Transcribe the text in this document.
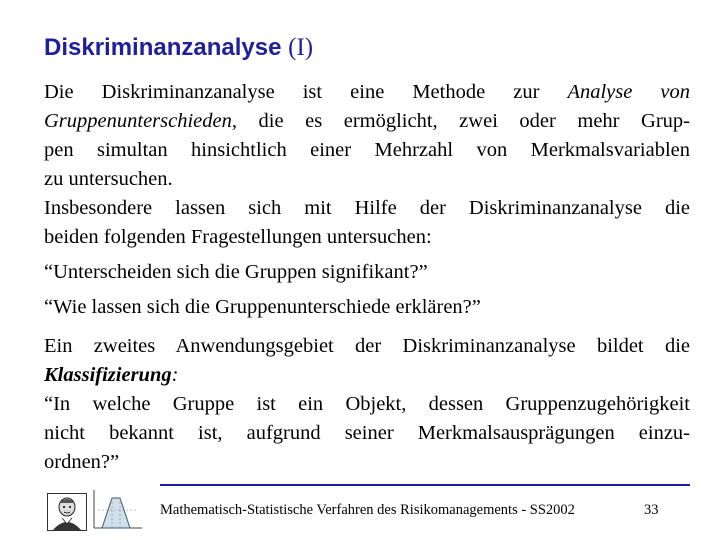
Diskriminanzanalyse (I)

Die Diskriminanzanalyse ist eine Methode zur Analyse von

Gruppenunterschieden, die es ermöglicht, zwei oder mehr Grup-

pen simultan hinsichtlich einer Mehrzahl von Merkmalsvariablen

zu untersuchen.

Insbesondere lassen sich mit Hilfe der Diskriminanzanalyse die

beiden folgenden Fragestellungen untersuchen:

“Unterscheiden sich die Gruppen signifikant?”

“Wie lassen sich die Gruppenunterschiede erklären?”

Ein zweites Anwendungsgebiet der Diskriminanzanalyse bildet die

Klassifizierung:

“In welche Gruppe ist ein Objekt, dessen Gruppenzugehörigkeit

nicht bekannt ist, aufgrund seiner Merkmalsausprägungen einzu-

ordnen?”

Mathematisch-Statistische Verfahren des Risikomanagements - SS2002	33
